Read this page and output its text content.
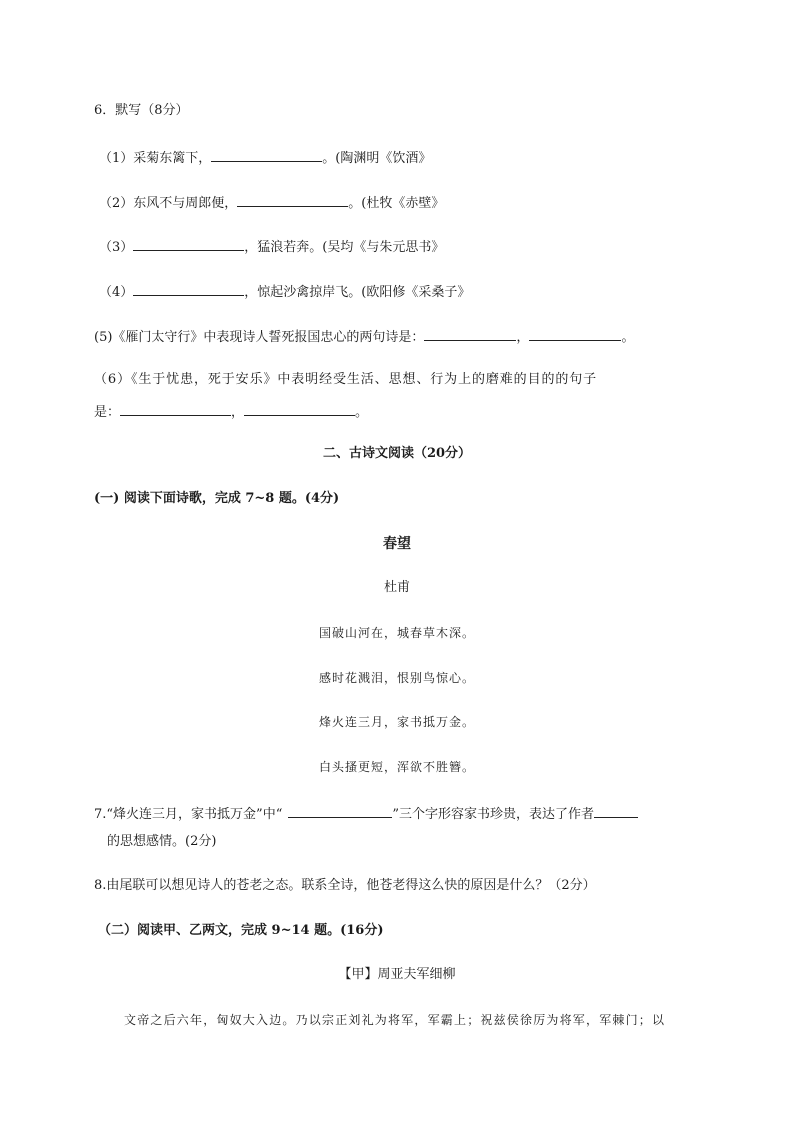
6．默写（8分）
（1）采菊东篱下，	。(陶渊明《饮酒》
（2）东风不与周郎便，	。(杜牧《赤壁》
（3）	，猛浪若奔。(吴均《与朱元思书》
（4）	，惊起沙禽掠岸飞。(欧阳修《采桑子》
(5)《雁门太守行》中表现诗人誓死报国忠心的两句诗是：	，	。
（6）《生于忧患，死于安乐》中表明经受生活、思想、行为上的磨难的目的的句子
是：	，	。
二、古诗文阅读（20分）
(一) 阅读下面诗歌，完成 7~8 题。(4分)
春望
杜甫
国破山河在，城春草木深。
感时花溅泪，恨别鸟惊心。
烽火连三月，家书抵万金。
白头搔更短，浑欲不胜簪。
7.“烽火连三月，家书抵万金”中“	”三个字形容家书珍贵，表达了作者
的思想感情。(2分)
8.由尾联可以想见诗人的苍老之态。联系全诗，他苍老得这么快的原因是什么？（2分）
（二）阅读甲、乙两文，完成 9~14 题。(16分)
【甲】周亚夫军细柳
文帝之后六年，匈奴大入边。乃以宗正刘礼为将军，军霸上；祝兹侯徐厉为将军，军棘门；以
